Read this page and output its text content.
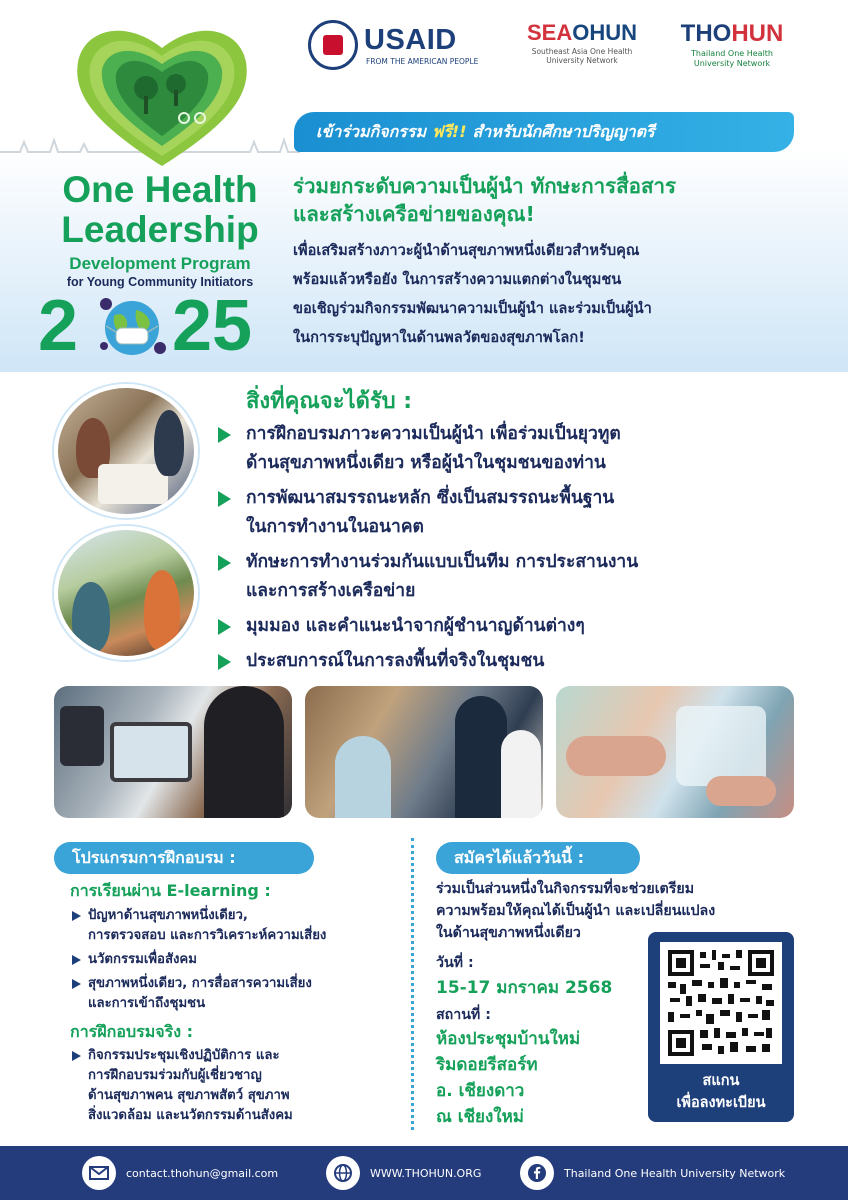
USAID
FROM THE AMERICAN PEOPLE
SEAOHUN
Southeast Asia One Health University Network
THOHUN
Thailand One Health University Network
เข้าร่วมกิจกรรม ฟรี!! สำหรับนักศึกษาปริญญาตรี
One Health
Leadership
Development Program
for Young Community Initiators
2 25
ร่วมยกระดับความเป็นผู้นำ ทักษะการสื่อสาร
และสร้างเครือข่ายของคุณ!
เพื่อเสริมสร้างภาวะผู้นำด้านสุขภาพหนึ่งเดียวสำหรับคุณ
พร้อมแล้วหรือยัง ในการสร้างความแตกต่างในชุมชน
ขอเชิญร่วมกิจกรรมพัฒนาความเป็นผู้นำ และร่วมเป็นผู้นำ
ในการระบุปัญหาในด้านพลวัตของสุขภาพโลก!
สิ่งที่คุณจะได้รับ :
การฝึกอบรมภาวะความเป็นผู้นำ เพื่อร่วมเป็นยุวทูต
ด้านสุขภาพหนึ่งเดียว หรือผู้นำในชุมชนของท่าน
การพัฒนาสมรรถนะหลัก ซึ่งเป็นสมรรถนะพื้นฐาน
ในการทำงานในอนาคต
ทักษะการทำงานร่วมกันแบบเป็นทีม การประสานงาน
และการสร้างเครือข่าย
มุมมอง และคำแนะนำจากผู้ชำนาญด้านต่างๆ
ประสบการณ์ในการลงพื้นที่จริงในชุมชน
โปรแกรมการฝึกอบรม :	สมัครได้แล้ววันนี้ :
การเรียนผ่าน E-learning :
ปัญหาด้านสุขภาพหนึ่งเดียว,
การตรวจสอบ และการวิเคราะห์ความเสี่ยง
นวัตกรรมเพื่อสังคม
สุขภาพหนึ่งเดียว, การสื่อสารความเสี่ยง
และการเข้าถึงชุมชน
การฝึกอบรมจริง :
กิจกรรมประชุมเชิงปฏิบัติการ และ
การฝึกอบรมร่วมกับผู้เชี่ยวชาญ
ด้านสุขภาพคน สุขภาพสัตว์ สุขภาพ
สิ่งแวดล้อม และนวัตกรรมด้านสังคม
ร่วมเป็นส่วนหนึ่งในกิจกรรมที่จะช่วยเตรียม
ความพร้อมให้คุณได้เป็นผู้นำ และเปลี่ยนแปลง
ในด้านสุขภาพหนึ่งเดียว
วันที่ :
15-17 มกราคม 2568
สถานที่ :
ห้องประชุมบ้านใหม่
ริมดอยรีสอร์ท
อ. เชียงดาว
ณ เชียงใหม่
สแกน
เพื่อลงทะเบียน
contact.thohun@gmail.com	WWW.THOHUN.ORG	Thailand One Health University Network
